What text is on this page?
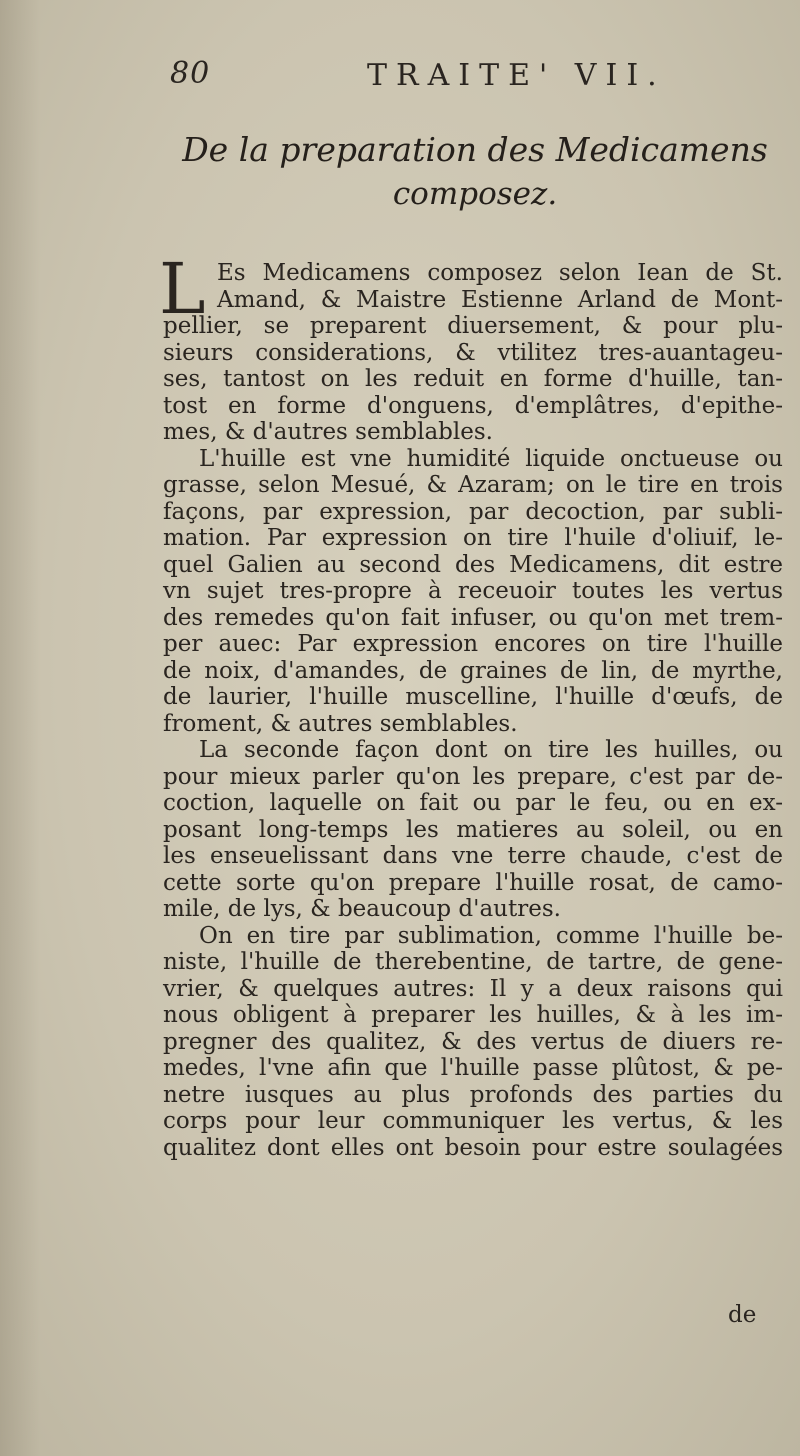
80	TRAITE' VII.
De la preparation des Medicamens
composez.
L Es Medicamens composez selon Iean de St.
Amand, & Maistre Estienne Arland de Mont-
pellier, se preparent diuersement, & pour plu-
sieurs considerations, & vtilitez tres-auantageu-
ses, tantost on les reduit en forme d'huille, tan-
tost en forme d'onguens, d'emplâtres, d'epithe-
mes, & d'autres semblables.
L'huille est vne humidité liquide onctueuse ou
grasse, selon Mesué, & Azaram; on le tire en trois
façons, par expression, par decoction, par subli-
mation. Par expression on tire l'huile d'oliuif, le-
quel Galien au second des Medicamens, dit estre
vn sujet tres-propre à receuoir toutes les vertus
des remedes qu'on fait infuser, ou qu'on met trem-
per auec: Par expression encores on tire l'huille
de noix, d'amandes, de graines de lin, de myrthe,
de laurier, l'huille muscelline, l'huille d'œufs, de
froment, & autres semblables.
La seconde façon dont on tire les huilles, ou
pour mieux parler qu'on les prepare, c'est par de-
coction, laquelle on fait ou par le feu, ou en ex-
posant long-temps les matieres au soleil, ou en
les enseuelissant dans vne terre chaude, c'est de
cette sorte qu'on prepare l'huille rosat, de camo-
mile, de lys, & beaucoup d'autres.
On en tire par sublimation, comme l'huille be-
niste, l'huille de therebentine, de tartre, de gene-
vrier, & quelques autres: Il y a deux raisons qui
nous obligent à preparer les huilles, & à les im-
pregner des qualitez, & des vertus de diuers re-
medes, l'vne afin que l'huille passe plûtost, & pe-
netre iusques au plus profonds des parties du
corps pour leur communiquer les vertus, & les
qualitez dont elles ont besoin pour estre soulagées
de
